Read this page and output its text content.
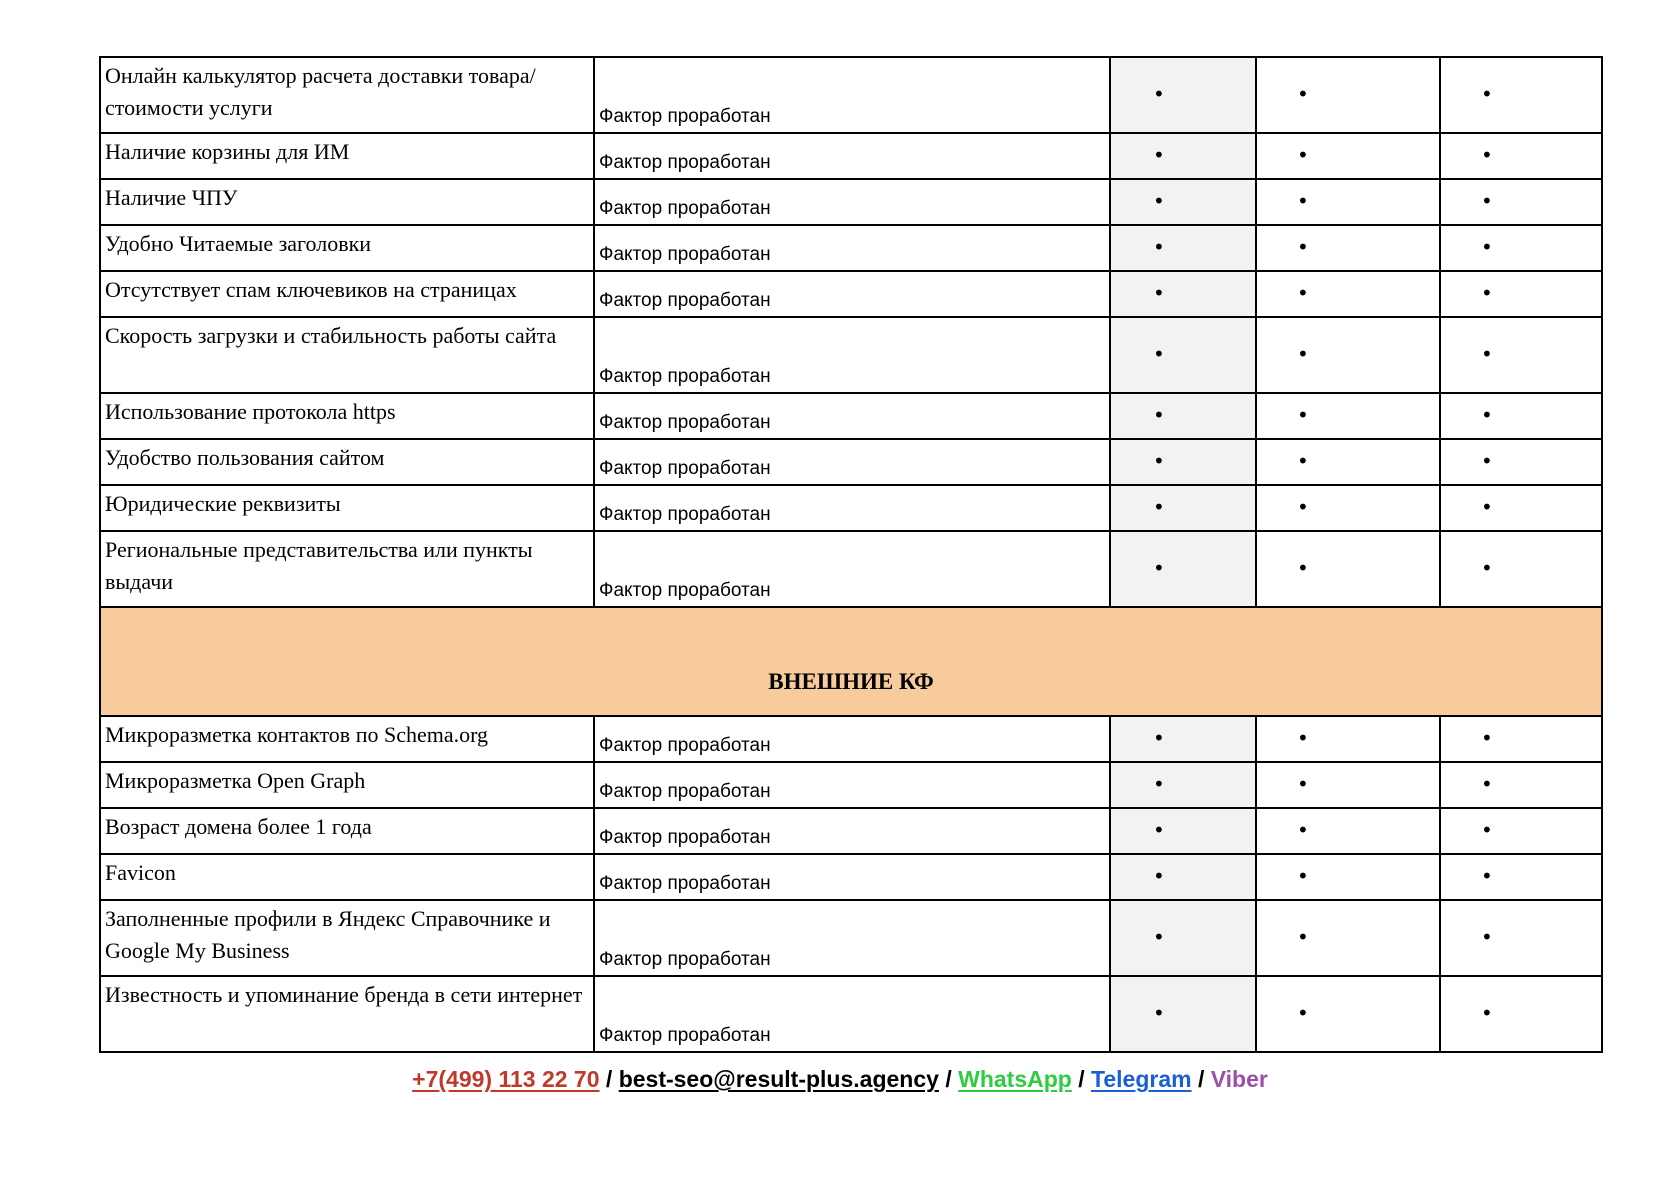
Онлайн калькулятор расчета доставки товара/стоимости услуги	Фактор проработан	•	•	•
Наличие корзины для ИМ	Фактор проработан	•	•	•
Наличие ЧПУ	Фактор проработан	•	•	•
Удобно Читаемые заголовки	Фактор проработан	•	•	•
Отсутствует спам ключевиков на страницах	Фактор проработан	•	•	•
Скорость загрузки и стабильность работы сайта	Фактор проработан	•	•	•
Использование протокола https	Фактор проработан	•	•	•
Удобство пользования сайтом	Фактор проработан	•	•	•
Юридические реквизиты	Фактор проработан	•	•	•
Региональные представительства или пункты выдачи	Фактор проработан	•	•	•
ВНЕШНИЕ КФ				
Микроразметка контактов по Schema.org	Фактор проработан	•	•	•
Микроразметка Open Graph	Фактор проработан	•	•	•
Возраст домена более 1 года	Фактор проработан	•	•	•
Favicon	Фактор проработан	•	•	•
Заполненные профили в Яндекс Справочнике и Google My Business	Фактор проработан	•	•	•
Известность и упоминание бренда в сети интернет	Фактор проработан	•	•	•
+7(499) 113 22 70 / best-seo@result-plus.agency / WhatsApp / Telegram / Viber
